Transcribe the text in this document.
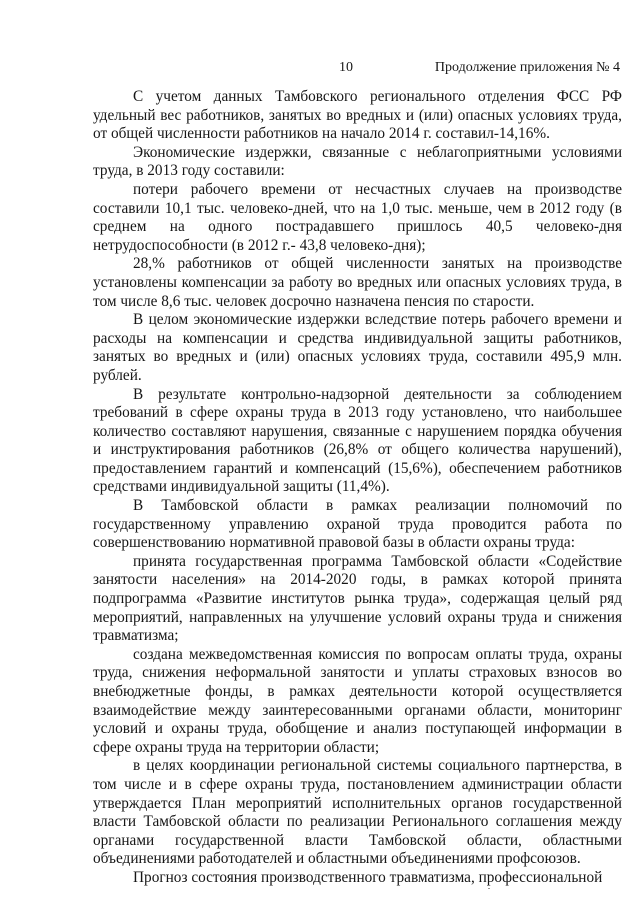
10	Продолжение приложения № 4

С учетом данных Тамбовского регионального отделения ФСС РФ удельный вес работников, занятых во вредных и (или) опасных условиях труда, от общей численности работников на начало 2014 г. составил-14,16%.

Экономические издержки, связанные с неблагоприятными условиями труда, в 2013 году составили:

потери рабочего времени от несчастных случаев на производстве составили 10,1 тыс. человеко-дней, что на 1,0 тыс. меньше, чем в 2012 году (в среднем на одного пострадавшего пришлось 40,5 человеко-дня нетрудоспособности (в 2012 г.- 43,8 человеко-дня);

28,% работников от общей численности занятых на производстве установлены компенсации за работу во вредных или опасных условиях труда, в том числе 8,6 тыс. человек досрочно назначена пенсия по старости.

В целом экономические издержки вследствие потерь рабочего времени и расходы на компенсации и средства индивидуальной защиты работников, занятых во вредных и (или) опасных условиях труда, составили 495,9 млн. рублей.

В результате контрольно-надзорной деятельности за соблюдением требований в сфере охраны труда в 2013 году установлено, что наибольшее количество составляют нарушения, связанные с нарушением порядка обучения и инструктирования работников (26,8% от общего количества нарушений), предоставлением гарантий и компенсаций (15,6%), обеспечением работников средствами индивидуальной защиты (11,4%).

В Тамбовской области в рамках реализации полномочий по государственному управлению охраной труда проводится работа по совершенствованию нормативной правовой базы в области охраны труда:

принята государственная программа Тамбовской области «Содействие занятости населения» на 2014-2020 годы, в рамках которой принята подпрограмма «Развитие институтов рынка труда», содержащая целый ряд мероприятий, направленных на улучшение условий охраны труда и снижения травматизма;

создана межведомственная комиссия по вопросам оплаты труда, охраны труда, снижения неформальной занятости и уплаты страховых взносов во внебюджетные фонды, в рамках деятельности которой осуществляется взаимодействие между заинтересованными органами области, мониторинг условий и охраны труда, обобщение и анализ поступающей информации в сфере охраны труда на территории области;

в целях координации региональной системы социального партнерства, в том числе и в сфере охраны труда, постановлением администрации области утверждается План мероприятий исполнительных органов государственной власти Тамбовской области по реализации Регионального соглашения между органами государственной власти Тамбовской области, областными объединениями работодателей и областными объединениями профсоюзов.

Прогноз состояния производственного травматизма, профессиональной
